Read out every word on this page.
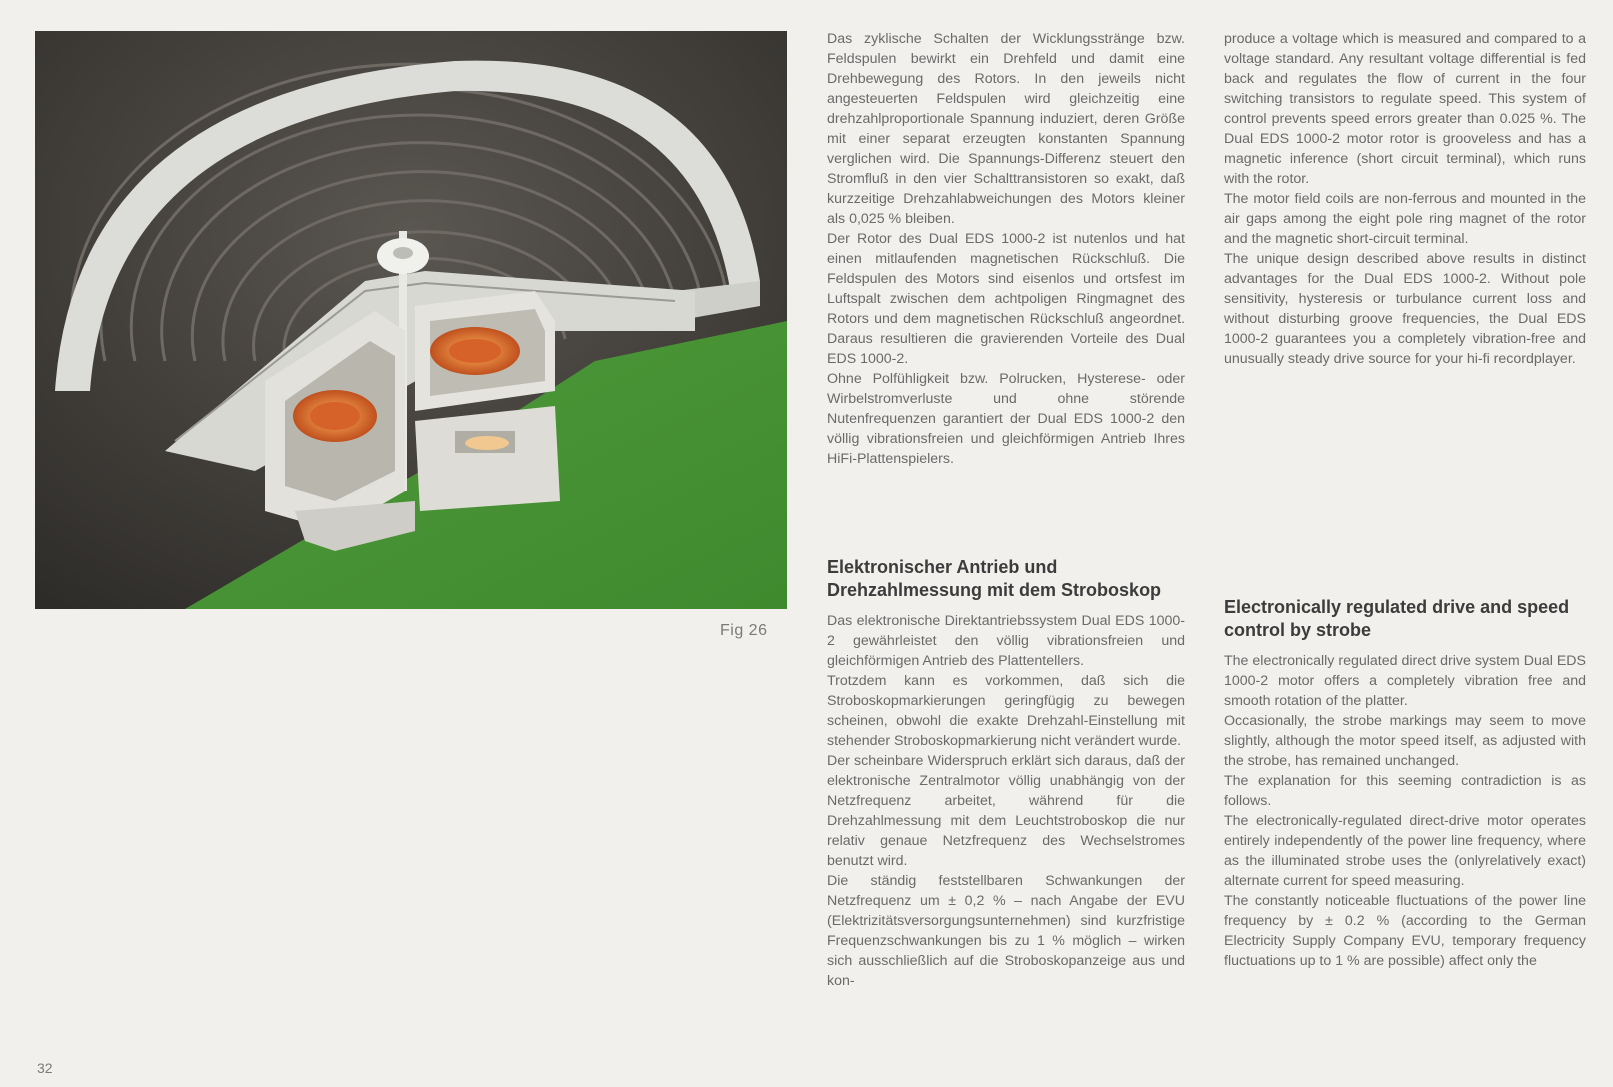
Fig 26

Das zyklische Schalten der Wicklungsstränge bzw. Feldspulen bewirkt ein Drehfeld und damit eine Drehbewegung des Rotors. In den jeweils nicht angesteuerten Feldspulen wird gleichzeitig eine drehzahlproportionale Spannung induziert, deren Größe mit einer separat erzeugten konstanten Spannung verglichen wird. Die Spannungs-Differenz steuert den Stromfluß in den vier Schalttransistoren so exakt, daß kurzzeitige Drehzahlabweichungen des Motors kleiner als 0,025 % bleiben.

Der Rotor des Dual EDS 1000-2 ist nutenlos und hat einen mitlaufenden magnetischen Rückschluß. Die Feldspulen des Motors sind eisenlos und ortsfest im Luftspalt zwischen dem achtpoligen Ringmagnet des Rotors und dem magnetischen Rückschluß angeordnet. Daraus resultieren die gravierenden Vorteile des Dual EDS 1000-2.

Ohne Polfühligkeit bzw. Polrucken, Hysterese- oder Wirbelstromverluste und ohne störende Nutenfrequenzen garantiert der Dual EDS 1000-2 den völlig vibrationsfreien und gleichförmigen Antrieb Ihres HiFi-Plattenspielers.

produce a voltage which is measured and compared to a voltage standard. Any resultant voltage differential is fed back and regulates the flow of current in the four switching transistors to regulate speed. This system of control prevents speed errors greater than 0.025 %. The Dual EDS 1000-2 motor rotor is grooveless and has a magnetic inference (short circuit terminal), which runs with the rotor.

The motor field coils are non-ferrous and mounted in the air gaps among the eight pole ring magnet of the rotor and the magnetic short-circuit terminal.

The unique design described above results in distinct advantages for the Dual EDS 1000-2. Without pole sensitivity, hysteresis or turbulance current loss and without disturbing groove frequencies, the Dual EDS 1000-2 guarantees you a completely vibration-free and unusually steady drive source for your hi-fi recordplayer.

Elektronischer Antrieb und Drehzahlmessung mit dem Stroboskop

Das elektronische Direktantriebssystem Dual EDS 1000-2 gewährleistet den völlig vibrationsfreien und gleichförmigen Antrieb des Plattentellers.

Trotzdem kann es vorkommen, daß sich die Stroboskopmarkierungen geringfügig zu bewegen scheinen, obwohl die exakte Drehzahl-Einstellung mit stehender Stroboskopmarkierung nicht verändert wurde.

Der scheinbare Widerspruch erklärt sich daraus, daß der elektronische Zentralmotor völlig unabhängig von der Netzfrequenz arbeitet, während für die Drehzahlmessung mit dem Leuchtstroboskop die nur relativ genaue Netzfrequenz des Wechselstromes benutzt wird.

Die ständig feststellbaren Schwankungen der Netzfrequenz um ± 0,2 % – nach Angabe der EVU (Elektrizitätsversorgungsunternehmen) sind kurzfristige Frequenzschwankungen bis zu 1 % möglich – wirken sich ausschließlich auf die Stroboskopanzeige aus und kon-

Electronically regulated drive and speed control by strobe

The electronically regulated direct drive system Dual EDS 1000-2 motor offers a completely vibration free and smooth rotation of the platter.

Occasionally, the strobe markings may seem to move slightly, although the motor speed itself, as adjusted with the strobe, has remained unchanged.

The explanation for this seeming contradiction is as follows.

The electronically-regulated direct-drive motor operates entirely independently of the power line frequency, where as the illuminated strobe uses the (onlyrelatively exact) alternate current for speed measuring.

The constantly noticeable fluctuations of the power line frequency by ± 0.2 % (according to the German Electricity Supply Company EVU, temporary frequency fluctuations up to 1 % are possible) affect only the

32
